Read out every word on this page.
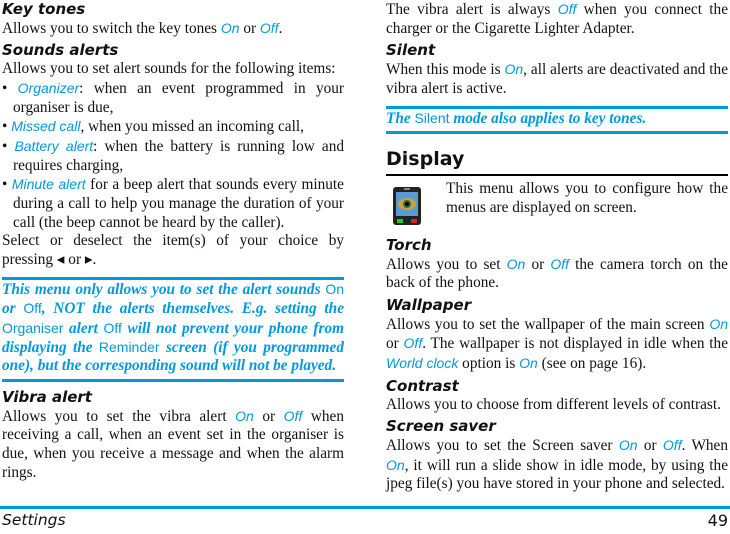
Key tones
Allows you to switch the key tones On or Off.
Sounds alerts
Allows you to set alert sounds for the following items:
• Organizer: when an event programmed in your organiser is due,
• Missed call, when you missed an incoming call,
• Battery alert: when the battery is running low and requires charging,
• Minute alert for a beep alert that sounds every minute during a call to help you manage the duration of your call (the beep cannot be heard by the caller).
Select or deselect the item(s) of your choice by pressing ◂ or ▸.
This menu only allows you to set the alert sounds On or Off, NOT the alerts themselves. E.g. setting the Organiser alert Off will not prevent your phone from displaying the Reminder screen (if you programmed one), but the corresponding sound will not be played.
Vibra alert
Allows you to set the vibra alert On or Off when receiving a call, when an event set in the organiser is due, when you receive a message and when the alarm rings.
The vibra alert is always Off when you connect the charger or the Cigarette Lighter Adapter.
Silent
When this mode is On, all alerts are deactivated and the vibra alert is active.
The Silent mode also applies to key tones.
Display
This menu allows you to configure how the menus are displayed on screen.
Torch
Allows you to set On or Off the camera torch on the back of the phone.
Wallpaper
Allows you to set the wallpaper of the main screen On or Off. The wallpaper is not displayed in idle when the World clock option is On (see on page 16).
Contrast
Allows you to choose from different levels of contrast.
Screen saver
Allows you to set the Screen saver On or Off. When On, it will run a slide show in idle mode, by using the jpeg file(s) you have stored in your phone and selected.
Settings	49
